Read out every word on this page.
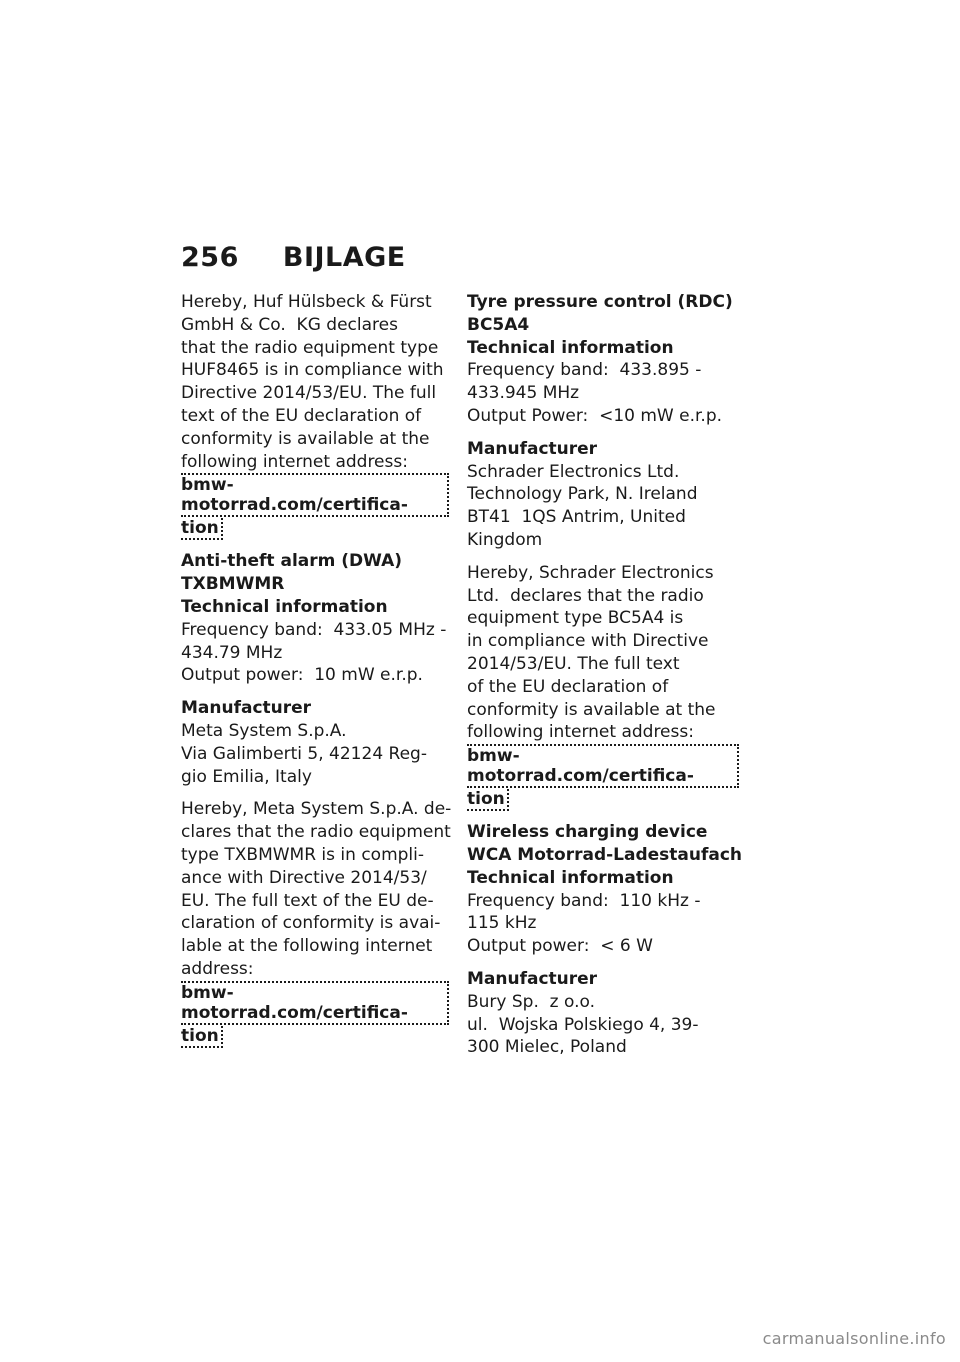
256 BIJLAGE
Hereby, Huf Hülsbeck & Fürst
GmbH & Co.  KG declares
that the radio equipment type
HUF8465 is in compliance with
Directive 2014/53/EU. The full
text of the EU declaration of
conformity is available at the
following internet address:
bmw-motorrad.com/certifica-
tion
Anti-theft alarm (DWA)
TXBMWMR
Technical information
Frequency band:  433.05 MHz -
434.79 MHz
Output power:  10 mW e.r.p.
Manufacturer
Meta System S.p.A.
Via Galimberti 5, 42124 Reg-
gio Emilia, Italy
Hereby, Meta System S.p.A. de-
clares that the radio equipment
type TXBMWMR is in compli-
ance with Directive 2014/53/
EU. The full text of the EU de-
claration of conformity is avai-
lable at the following internet
address:
bmw-motorrad.com/certifica-
tion
Tyre pressure control (RDC)
BC5A4
Technical information
Frequency band:  433.895 -
433.945 MHz
Output Power:  <10 mW e.r.p.
Manufacturer
Schrader Electronics Ltd.
Technology Park, N. Ireland
BT41  1QS Antrim, United
Kingdom
Hereby, Schrader Electronics
Ltd.  declares that the radio
equipment type BC5A4 is
in compliance with Directive
2014/53/EU. The full text
of the EU declaration of
conformity is available at the
following internet address:
bmw-motorrad.com/certifica-
tion
Wireless charging device
WCA Motorrad-Ladestaufach
Technical information
Frequency band:  110 kHz -
115 kHz
Output power:  < 6 W
Manufacturer
Bury Sp.  z o.o.
ul.  Wojska Polskiego 4, 39-
300 Mielec, Poland
carmanualsonline.info
